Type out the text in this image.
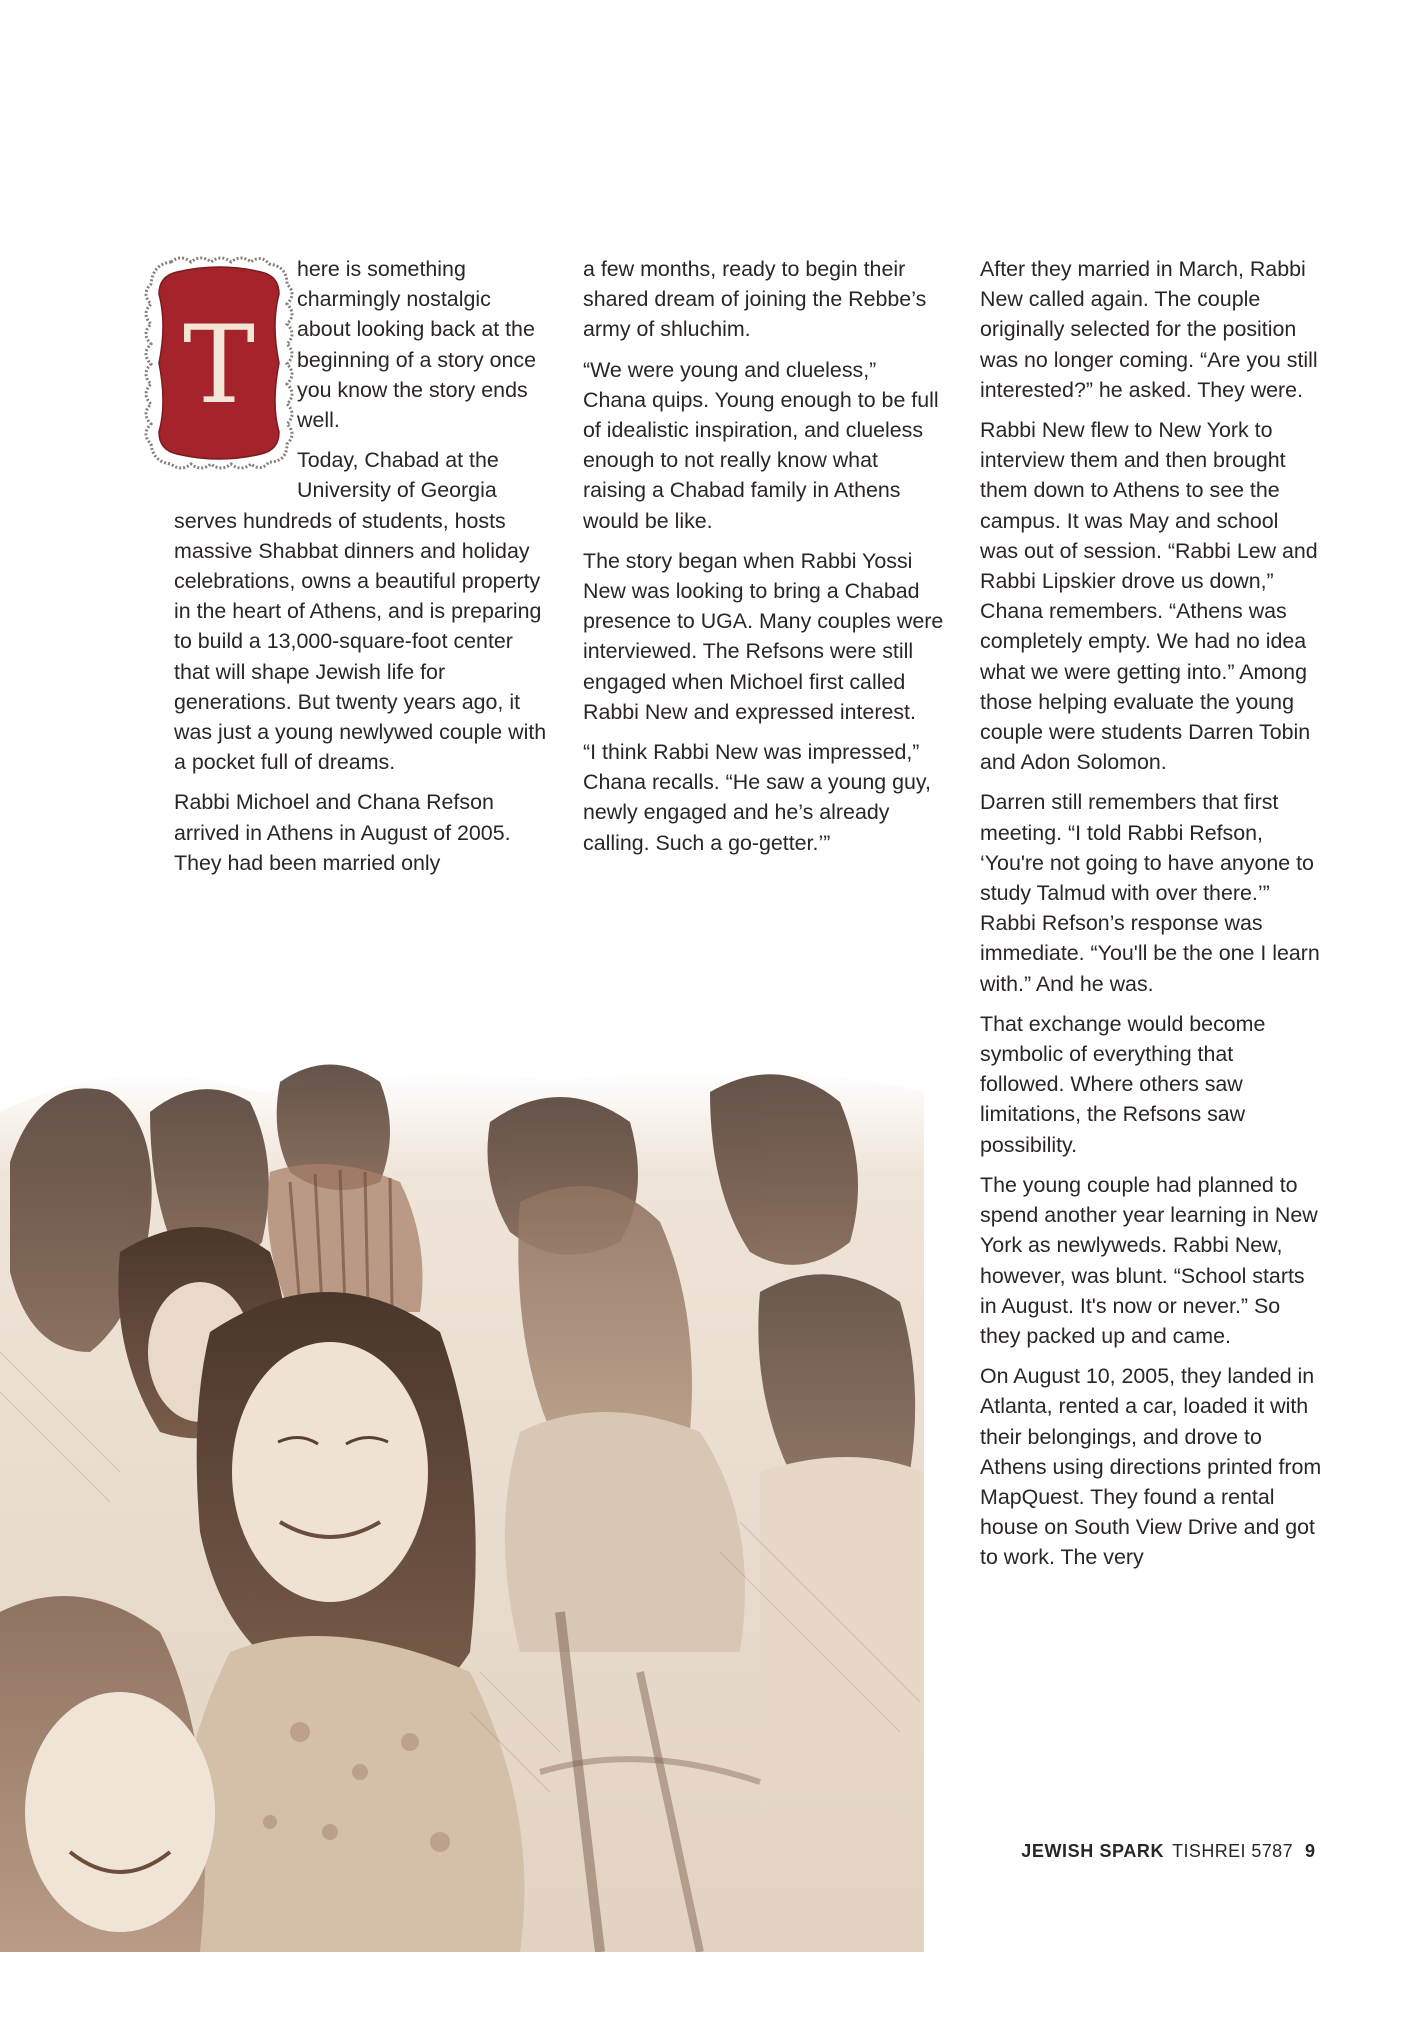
T

here is something charmingly nostalgic about looking back at the beginning of a story once you know the story ends well.

Today, Chabad at the University of Georgia serves hundreds of students, hosts massive Shabbat dinners and holiday celebrations, owns a beautiful property in the heart of Athens, and is preparing to build a 13,000-square-foot center that will shape Jewish life for generations. But twenty years ago, it was just a young newlywed couple with a pocket full of dreams.

Rabbi Michoel and Chana Refson arrived in Athens in August of 2005. They had been married only

a few months, ready to begin their shared dream of joining the Rebbe’s army of shluchim.

“We were young and clueless,” Chana quips. Young enough to be full of idealistic inspiration, and clueless enough to not really know what raising a Chabad family in Athens would be like.

The story began when Rabbi Yossi New was looking to bring a Chabad presence to UGA. Many couples were interviewed. The Refsons were still engaged when Michoel first called Rabbi New and expressed interest.

“I think Rabbi New was impressed,” Chana recalls. “He saw a young guy, newly engaged and he’s already calling. Such a go-getter.’”

After they married in March, Rabbi New called again. The couple originally selected for the position was no longer coming. “Are you still interested?” he asked. They were.

Rabbi New flew to New York to interview them and then brought them down to Athens to see the campus. It was May and school was out of session. “Rabbi Lew and Rabbi Lipskier drove us down,” Chana remembers. “Athens was completely empty. We had no idea what we were getting into.” Among those helping evaluate the young couple were students Darren Tobin and Adon Solomon.

Darren still remembers that first meeting. “I told Rabbi Refson, ‘You're not going to have anyone to study Talmud with over there.’” Rabbi Refson’s response was immediate. “You'll be the one I learn with.” And he was.

That exchange would become symbolic of everything that followed. Where others saw limitations, the Refsons saw possibility.

The young couple had planned to spend another year learning in New York as newlyweds. Rabbi New, however, was blunt. “School starts in August. It's now or never.” So they packed up and came.

On August 10, 2005, they landed in Atlanta, rented a car, loaded it with their belongings, and drove to Athens using directions printed from MapQuest. They found a rental house on South View Drive and got to work. The very

JEWISH SPARK TISHREI 5787 9
